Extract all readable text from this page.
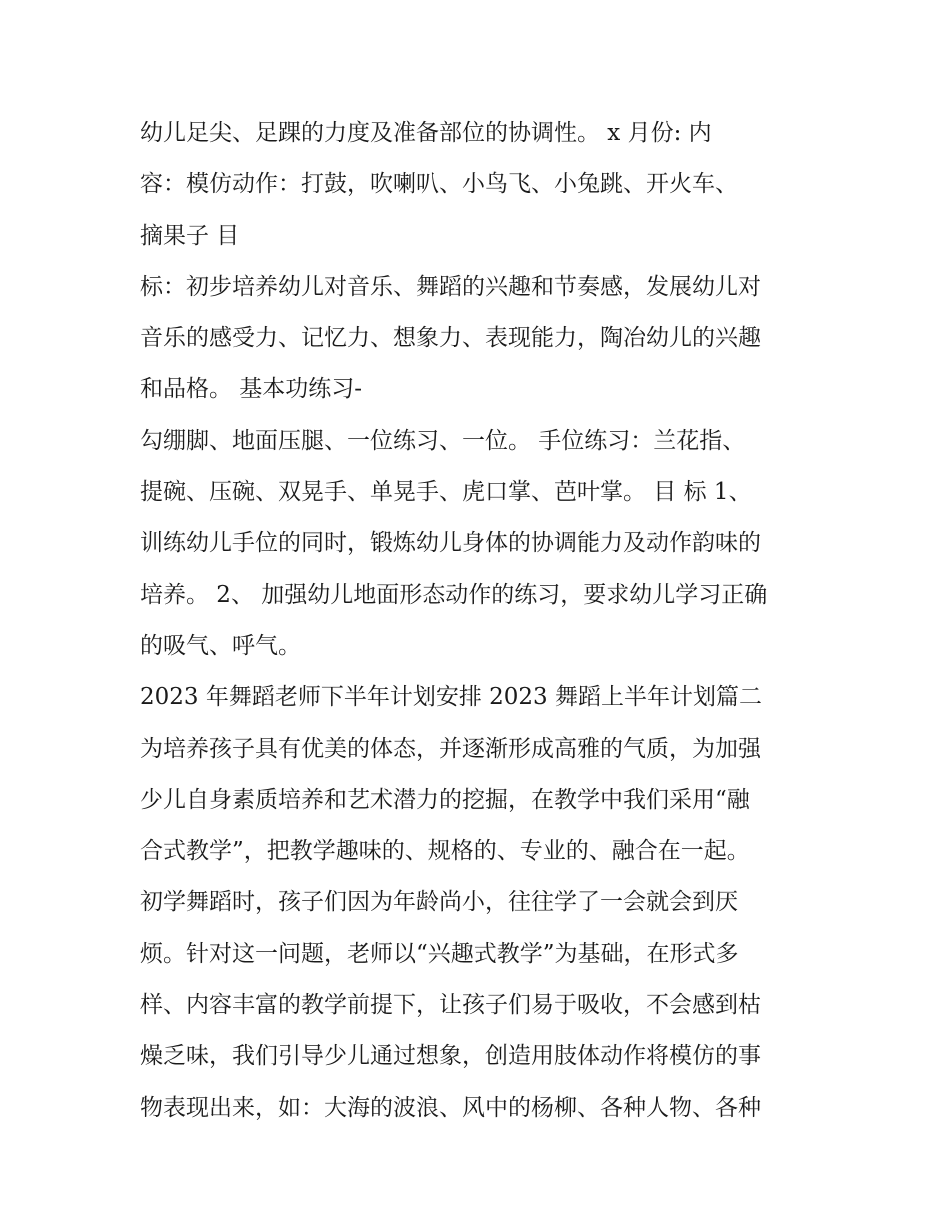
幼儿足尖、足踝的力度及准备部位的协调性。 x 月份: 内
容：模仿动作：打鼓，吹喇叭、小鸟飞、小兔跳、开火车、
摘果子 目
标：初步培养幼儿对音乐、舞蹈的兴趣和节奏感，发展幼儿对
音乐的感受力、记忆力、想象力、表现能力，陶冶幼儿的兴趣
和品格。 基本功练习-
勾绷脚、地面压腿、一位练习、一位。 手位练习：兰花指、
提碗、压碗、双晃手、单晃手、虎口掌、芭叶掌。 目 标 1、
训练幼儿手位的同时，锻炼幼儿身体的协调能力及动作韵味的
培养。 2、 加强幼儿地面形态动作的练习，要求幼儿学习正确
的吸气、呼气。
2023 年舞蹈老师下半年计划安排 2023 舞蹈上半年计划篇二
为培养孩子具有优美的体态，并逐渐形成高雅的气质，为加强
少儿自身素质培养和艺术潜力的挖掘，在教学中我们采用“融
合式教学”，把教学趣味的、规格的、专业的、融合在一起。
初学舞蹈时，孩子们因为年龄尚小，往往学了一会就会到厌
烦。针对这一问题，老师以“兴趣式教学”为基础，在形式多
样、内容丰富的教学前提下，让孩子们易于吸收，不会感到枯
燥乏味，我们引导少儿通过想象，创造用肢体动作将模仿的事
物表现出来，如：大海的波浪、风中的杨柳、各种人物、各种
